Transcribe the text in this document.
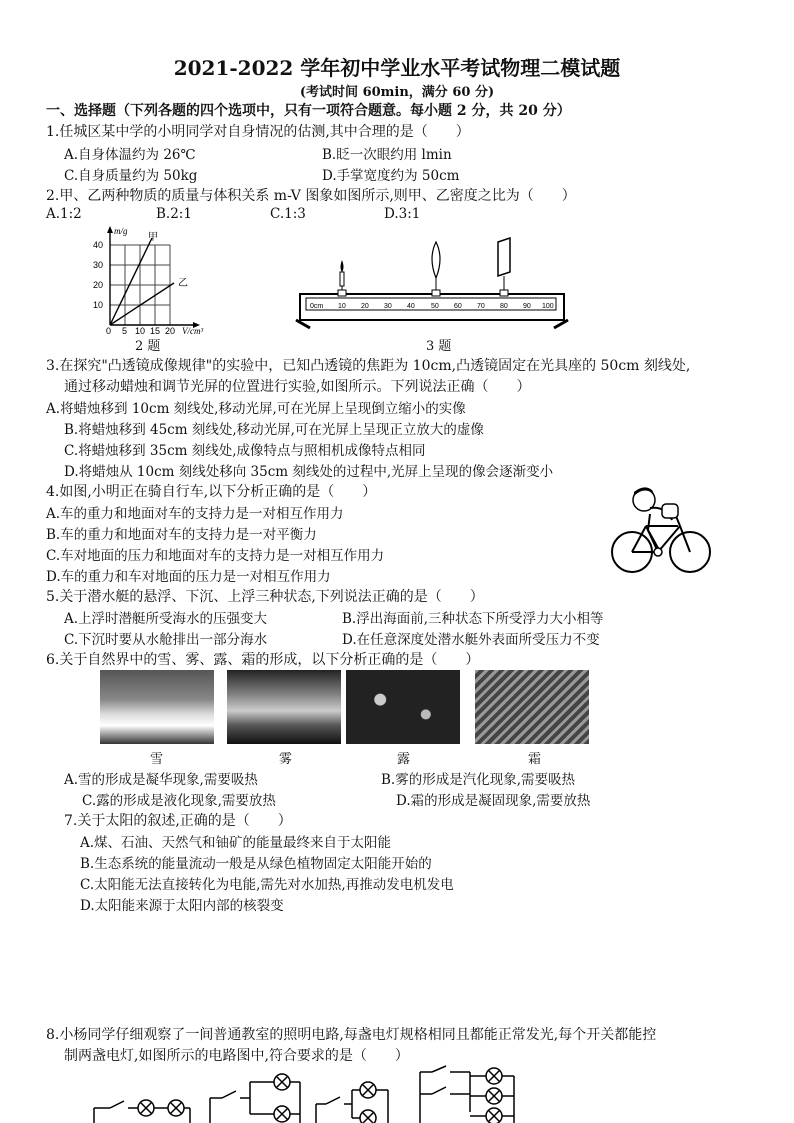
2021-2022 学年初中学业水平考试物理二模试题
(考试时间 60min，满分 60 分)
一、选择题（下列各题的四个选项中，只有一项符合题意。每小题 2 分，共 20 分）
1.任城区某中学的小明同学对自身情况的估测,其中合理的是（　　）
A.自身体温约为 26℃	B.眨一次眼约用 lmin
C.自身质量约为 50kg	D.手掌宽度约为 50cm
2.甲、乙两种物质的质量与体积关系 m-V 图象如图所示,则甲、乙密度之比为（　　）
A.1:2	B.2:1	C.1:3	D.3:1
m/g
甲
乙
40
30
20
10
0 5 10 15 20 V/cm³
2 题
0cm 10 20 30 40 50 60 70 80 90 100
3 题
3.在探究"凸透镜成像规律"的实验中，已知凸透镜的焦距为 10cm,凸透镜固定在光具座的 50cm 刻线处,
通过移动蜡烛和调节光屏的位置进行实验,如图所示。下列说法正确（　　）
A.将蜡烛移到 10cm 刻线处,移动光屏,可在光屏上呈现倒立缩小的实像
B.将蜡烛移到 45cm 刻线处,移动光屏,可在光屏上呈现正立放大的虚像
C.将蜡烛移到 35cm 刻线处,成像特点与照相机成像特点相同
D.将蜡烛从 10cm 刻线处移向 35cm 刻线处的过程中,光屏上呈现的像会逐渐变小
4.如图,小明正在骑自行车,以下分析正确的是（　　）
A.车的重力和地面对车的支持力是一对相互作用力
B.车的重力和地面对车的支持力是一对平衡力
C.车对地面的压力和地面对车的支持力是一对相互作用力
D.车的重力和车对地面的压力是一对相互作用力
5.关于潜水艇的悬浮、下沉、上浮三种状态,下列说法正确的是（　　）
A.上浮时潜艇所受海水的压强变大	B.浮出海面前,三种状态下所受浮力大小相等
C.下沉时要从水舱排出一部分海水	D.在任意深度处潜水艇外表面所受压力不变
6.关于自然界中的雪、雾、露、霜的形成，以下分析正确的是（　　）
雪	雾	露	霜
A.雪的形成是凝华现象,需要吸热	B.雾的形成是汽化现象,需要吸热
C.露的形成是液化现象,需要放热	D.霜的形成是凝固现象,需要放热
7.关于太阳的叙述,正确的是（　　）
A.煤、石油、天然气和铀矿的能量最终来自于太阳能
B.生态系统的能量流动一般是从绿色植物固定太阳能开始的
C.太阳能无法直接转化为电能,需先对水加热,再推动发电机发电
D.太阳能来源于太阳内部的核裂变
8.小杨同学仔细观察了一间普通教室的照明电路,每盏电灯规格相同且都能正常发光,每个开关都能控
制两盏电灯,如图所示的电路图中,符合要求的是（　　）
